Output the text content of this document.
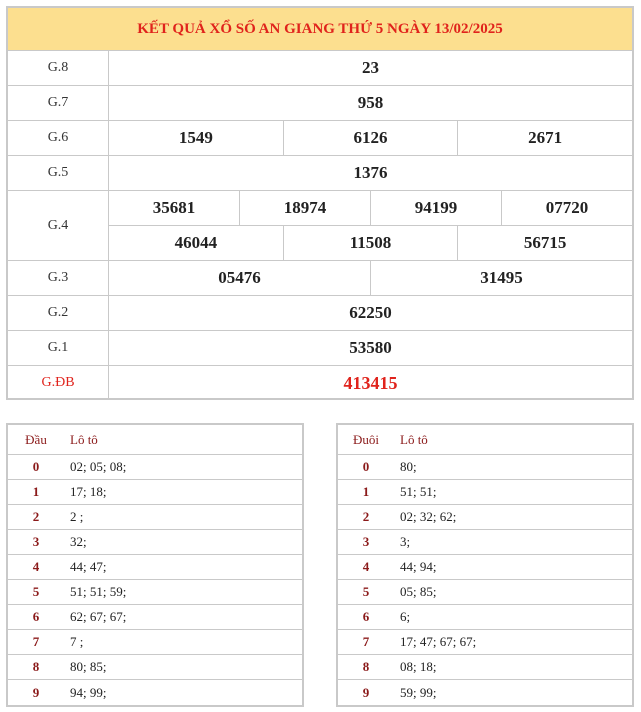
KẾT QUẢ XỔ SỐ AN GIANG THỨ 5 NGÀY 13/02/2025
G.8	23
G.7	958
G.6	1549	6126	2671
G.5	1376
G.4
35681	18974	94199	07720
46044	11508	56715
G.3	05476	31495
G.2	62250
G.1	53580
G.ĐB	413415
Đầu	Lô tô
0	02; 05; 08;
1	17; 18;
2	2 ;
3	32;
4	44; 47;
5	51; 51; 59;
6	62; 67; 67;
7	7 ;
8	80; 85;
9	94; 99;
Đuôi	Lô tô
0	80;
1	51; 51;
2	02; 32; 62;
3	3;
4	44; 94;
5	05; 85;
6	6;
7	17; 47; 67; 67;
8	08; 18;
9	59; 99;
